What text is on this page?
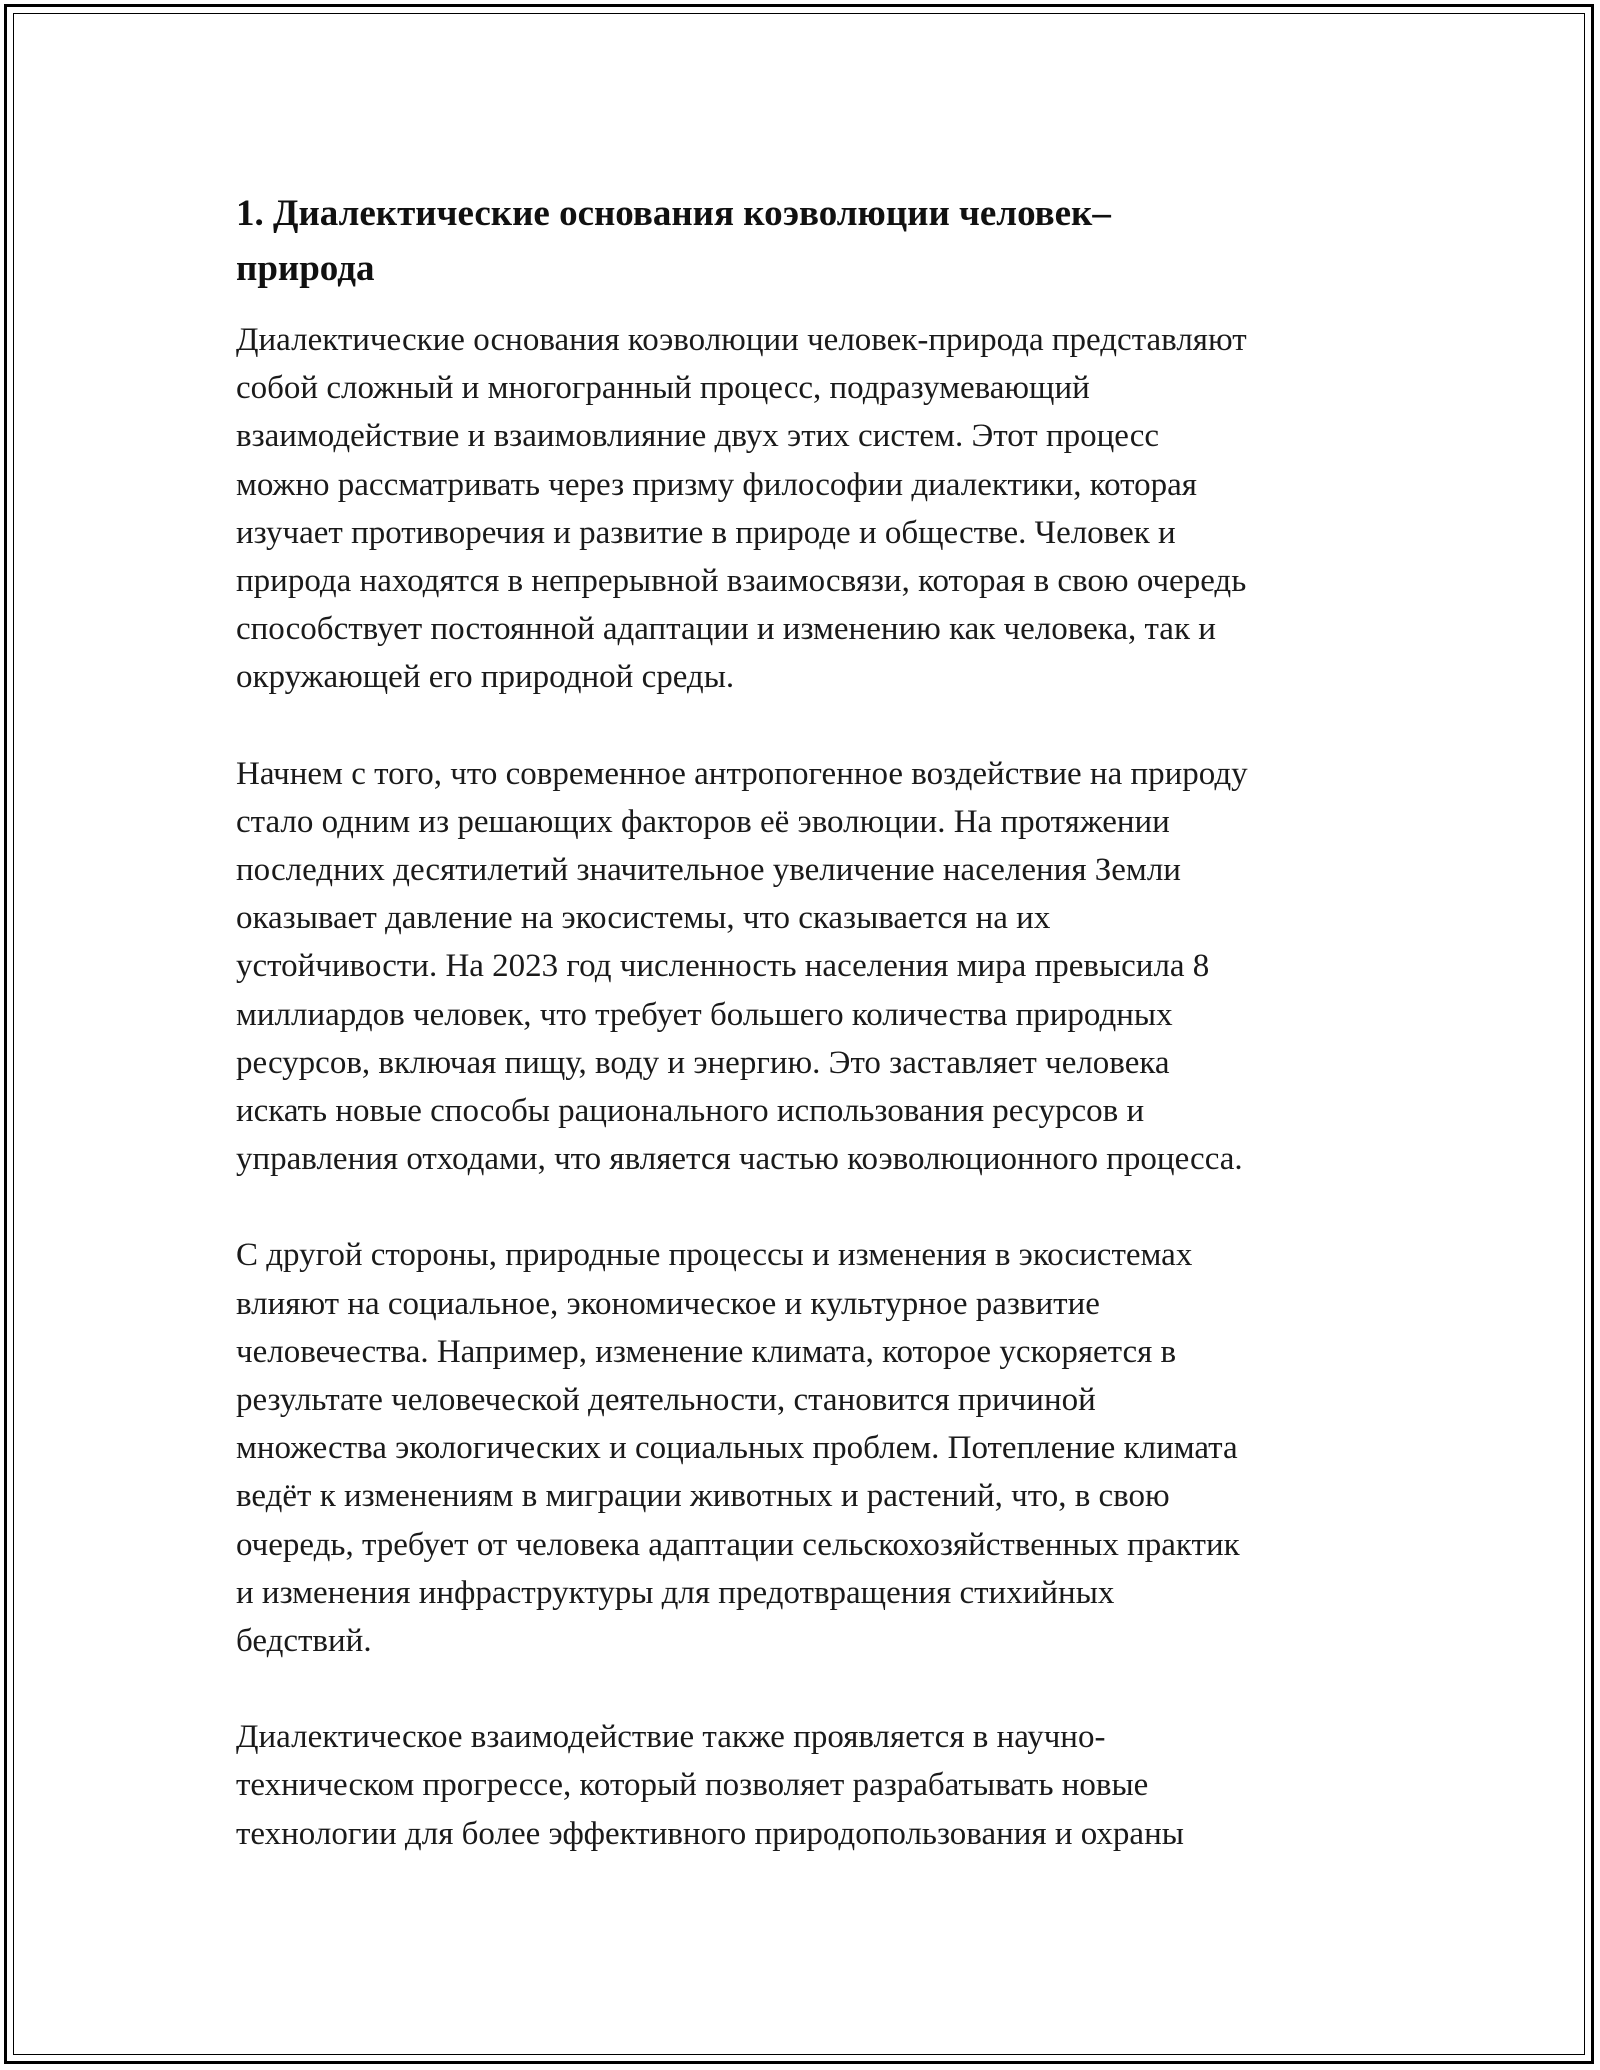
1. Диалектические основания коэволюции человек–
природа

Диалектические основания коэволюции человек-природа представляют
собой сложный и многогранный процесс, подразумевающий
взаимодействие и взаимовлияние двух этих систем. Этот процесс
можно рассматривать через призму философии диалектики, которая
изучает противоречия и развитие в природе и обществе. Человек и
природа находятся в непрерывной взаимосвязи, которая в свою очередь
способствует постоянной адаптации и изменению как человека, так и
окружающей его природной среды.

Начнем с того, что современное антропогенное воздействие на природу
стало одним из решающих факторов её эволюции. На протяжении
последних десятилетий значительное увеличение населения Земли
оказывает давление на экосистемы, что сказывается на их
устойчивости. На 2023 год численность населения мира превысила 8
миллиардов человек, что требует большего количества природных
ресурсов, включая пищу, воду и энергию. Это заставляет человека
искать новые способы рационального использования ресурсов и
управления отходами, что является частью коэволюционного процесса.

С другой стороны, природные процессы и изменения в экосистемах
влияют на социальное, экономическое и культурное развитие
человечества. Например, изменение климата, которое ускоряется в
результате человеческой деятельности, становится причиной
множества экологических и социальных проблем. Потепление климата
ведёт к изменениям в миграции животных и растений, что, в свою
очередь, требует от человека адаптации сельскохозяйственных практик
и изменения инфраструктуры для предотвращения стихийных
бедствий.

Диалектическое взаимодействие также проявляется в научно-
техническом прогрессе, который позволяет разрабатывать новые
технологии для более эффективного природопользования и охраны
